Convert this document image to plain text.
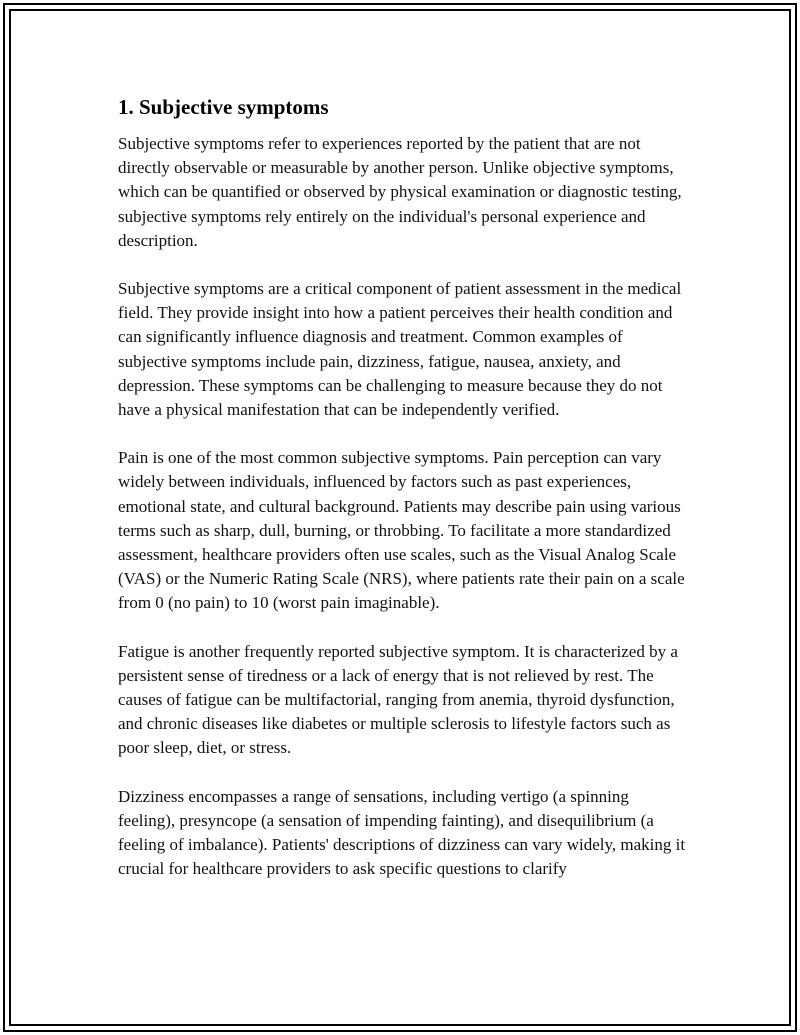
1. Subjective symptoms

Subjective symptoms refer to experiences reported by the patient that are not directly observable or measurable by another person. Unlike objective symptoms, which can be quantified or observed by physical examination or diagnostic testing, subjective symptoms rely entirely on the individual's personal experience and description.

Subjective symptoms are a critical component of patient assessment in the medical field. They provide insight into how a patient perceives their health condition and can significantly influence diagnosis and treatment. Common examples of subjective symptoms include pain, dizziness, fatigue, nausea, anxiety, and depression. These symptoms can be challenging to measure because they do not have a physical manifestation that can be independently verified.

Pain is one of the most common subjective symptoms. Pain perception can vary widely between individuals, influenced by factors such as past experiences, emotional state, and cultural background. Patients may describe pain using various terms such as sharp, dull, burning, or throbbing. To facilitate a more standardized assessment, healthcare providers often use scales, such as the Visual Analog Scale (VAS) or the Numeric Rating Scale (NRS), where patients rate their pain on a scale from 0 (no pain) to 10 (worst pain imaginable).

Fatigue is another frequently reported subjective symptom. It is characterized by a persistent sense of tiredness or a lack of energy that is not relieved by rest. The causes of fatigue can be multifactorial, ranging from anemia, thyroid dysfunction, and chronic diseases like diabetes or multiple sclerosis to lifestyle factors such as poor sleep, diet, or stress.

Dizziness encompasses a range of sensations, including vertigo (a spinning feeling), presyncope (a sensation of impending fainting), and disequilibrium (a feeling of imbalance). Patients' descriptions of dizziness can vary widely, making it crucial for healthcare providers to ask specific questions to clarify
